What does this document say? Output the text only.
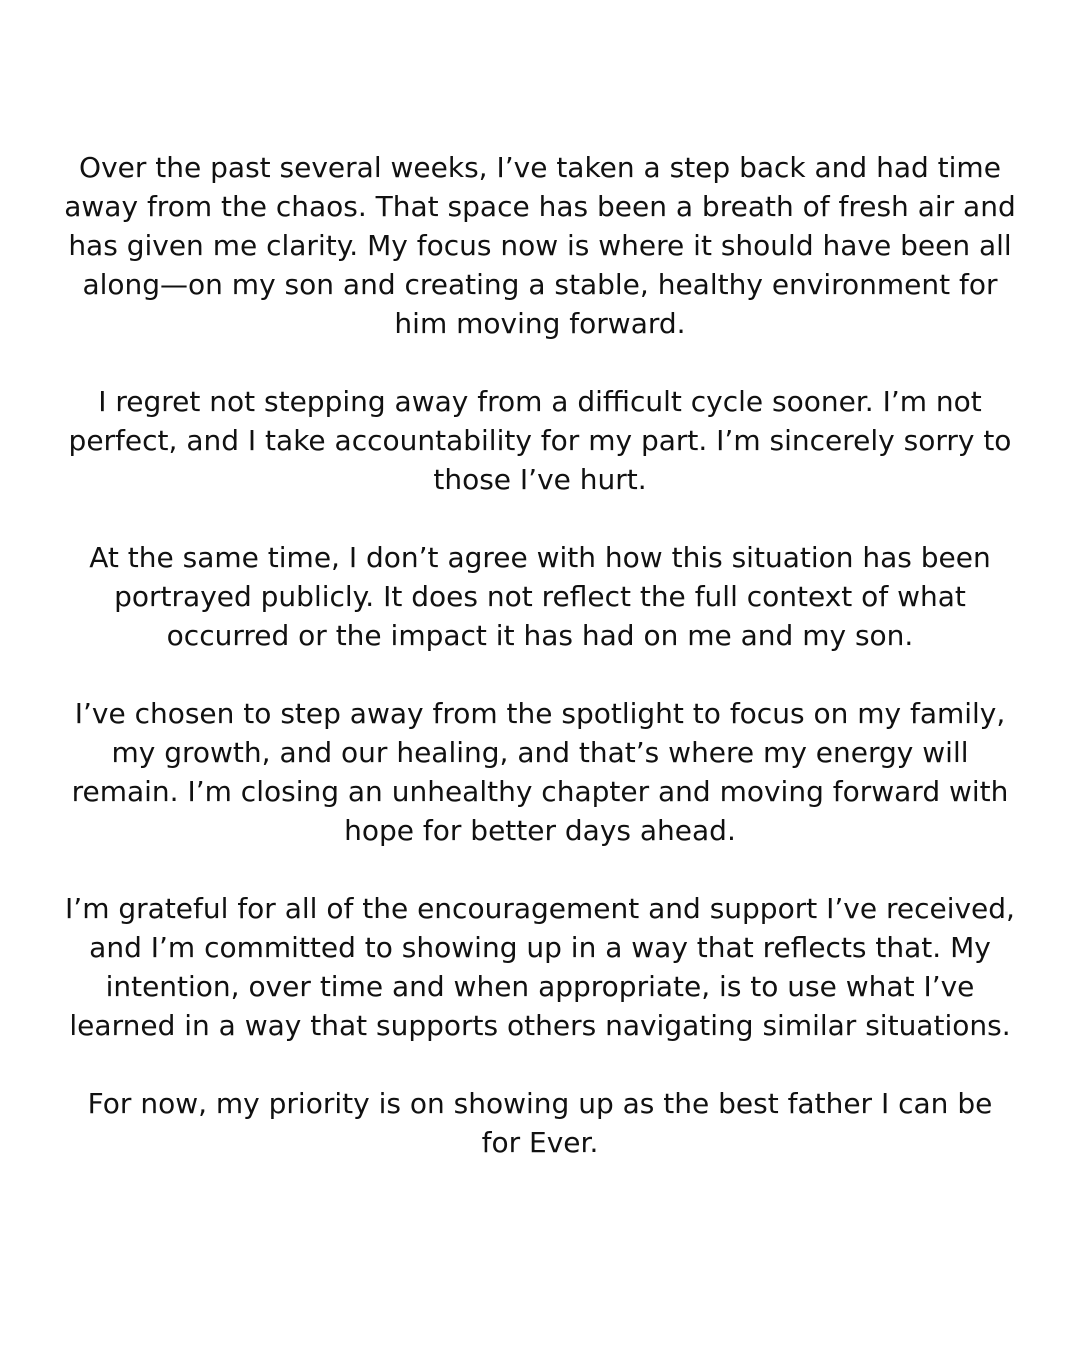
Over the past several weeks, I’ve taken a step back and had time
away from the chaos. That space has been a breath of fresh air and
has given me clarity. My focus now is where it should have been all
along—on my son and creating a stable, healthy environment for
him moving forward.

I regret not stepping away from a difficult cycle sooner. I’m not
perfect, and I take accountability for my part. I’m sincerely sorry to
those I’ve hurt.

At the same time, I don’t agree with how this situation has been
portrayed publicly. It does not reflect the full context of what
occurred or the impact it has had on me and my son.

I’ve chosen to step away from the spotlight to focus on my family,
my growth, and our healing, and that’s where my energy will
remain. I’m closing an unhealthy chapter and moving forward with
hope for better days ahead.

I’m grateful for all of the encouragement and support I’ve received,
and I’m committed to showing up in a way that reflects that. My
intention, over time and when appropriate, is to use what I’ve
learned in a way that supports others navigating similar situations.

For now, my priority is on showing up as the best father I can be
for Ever.
